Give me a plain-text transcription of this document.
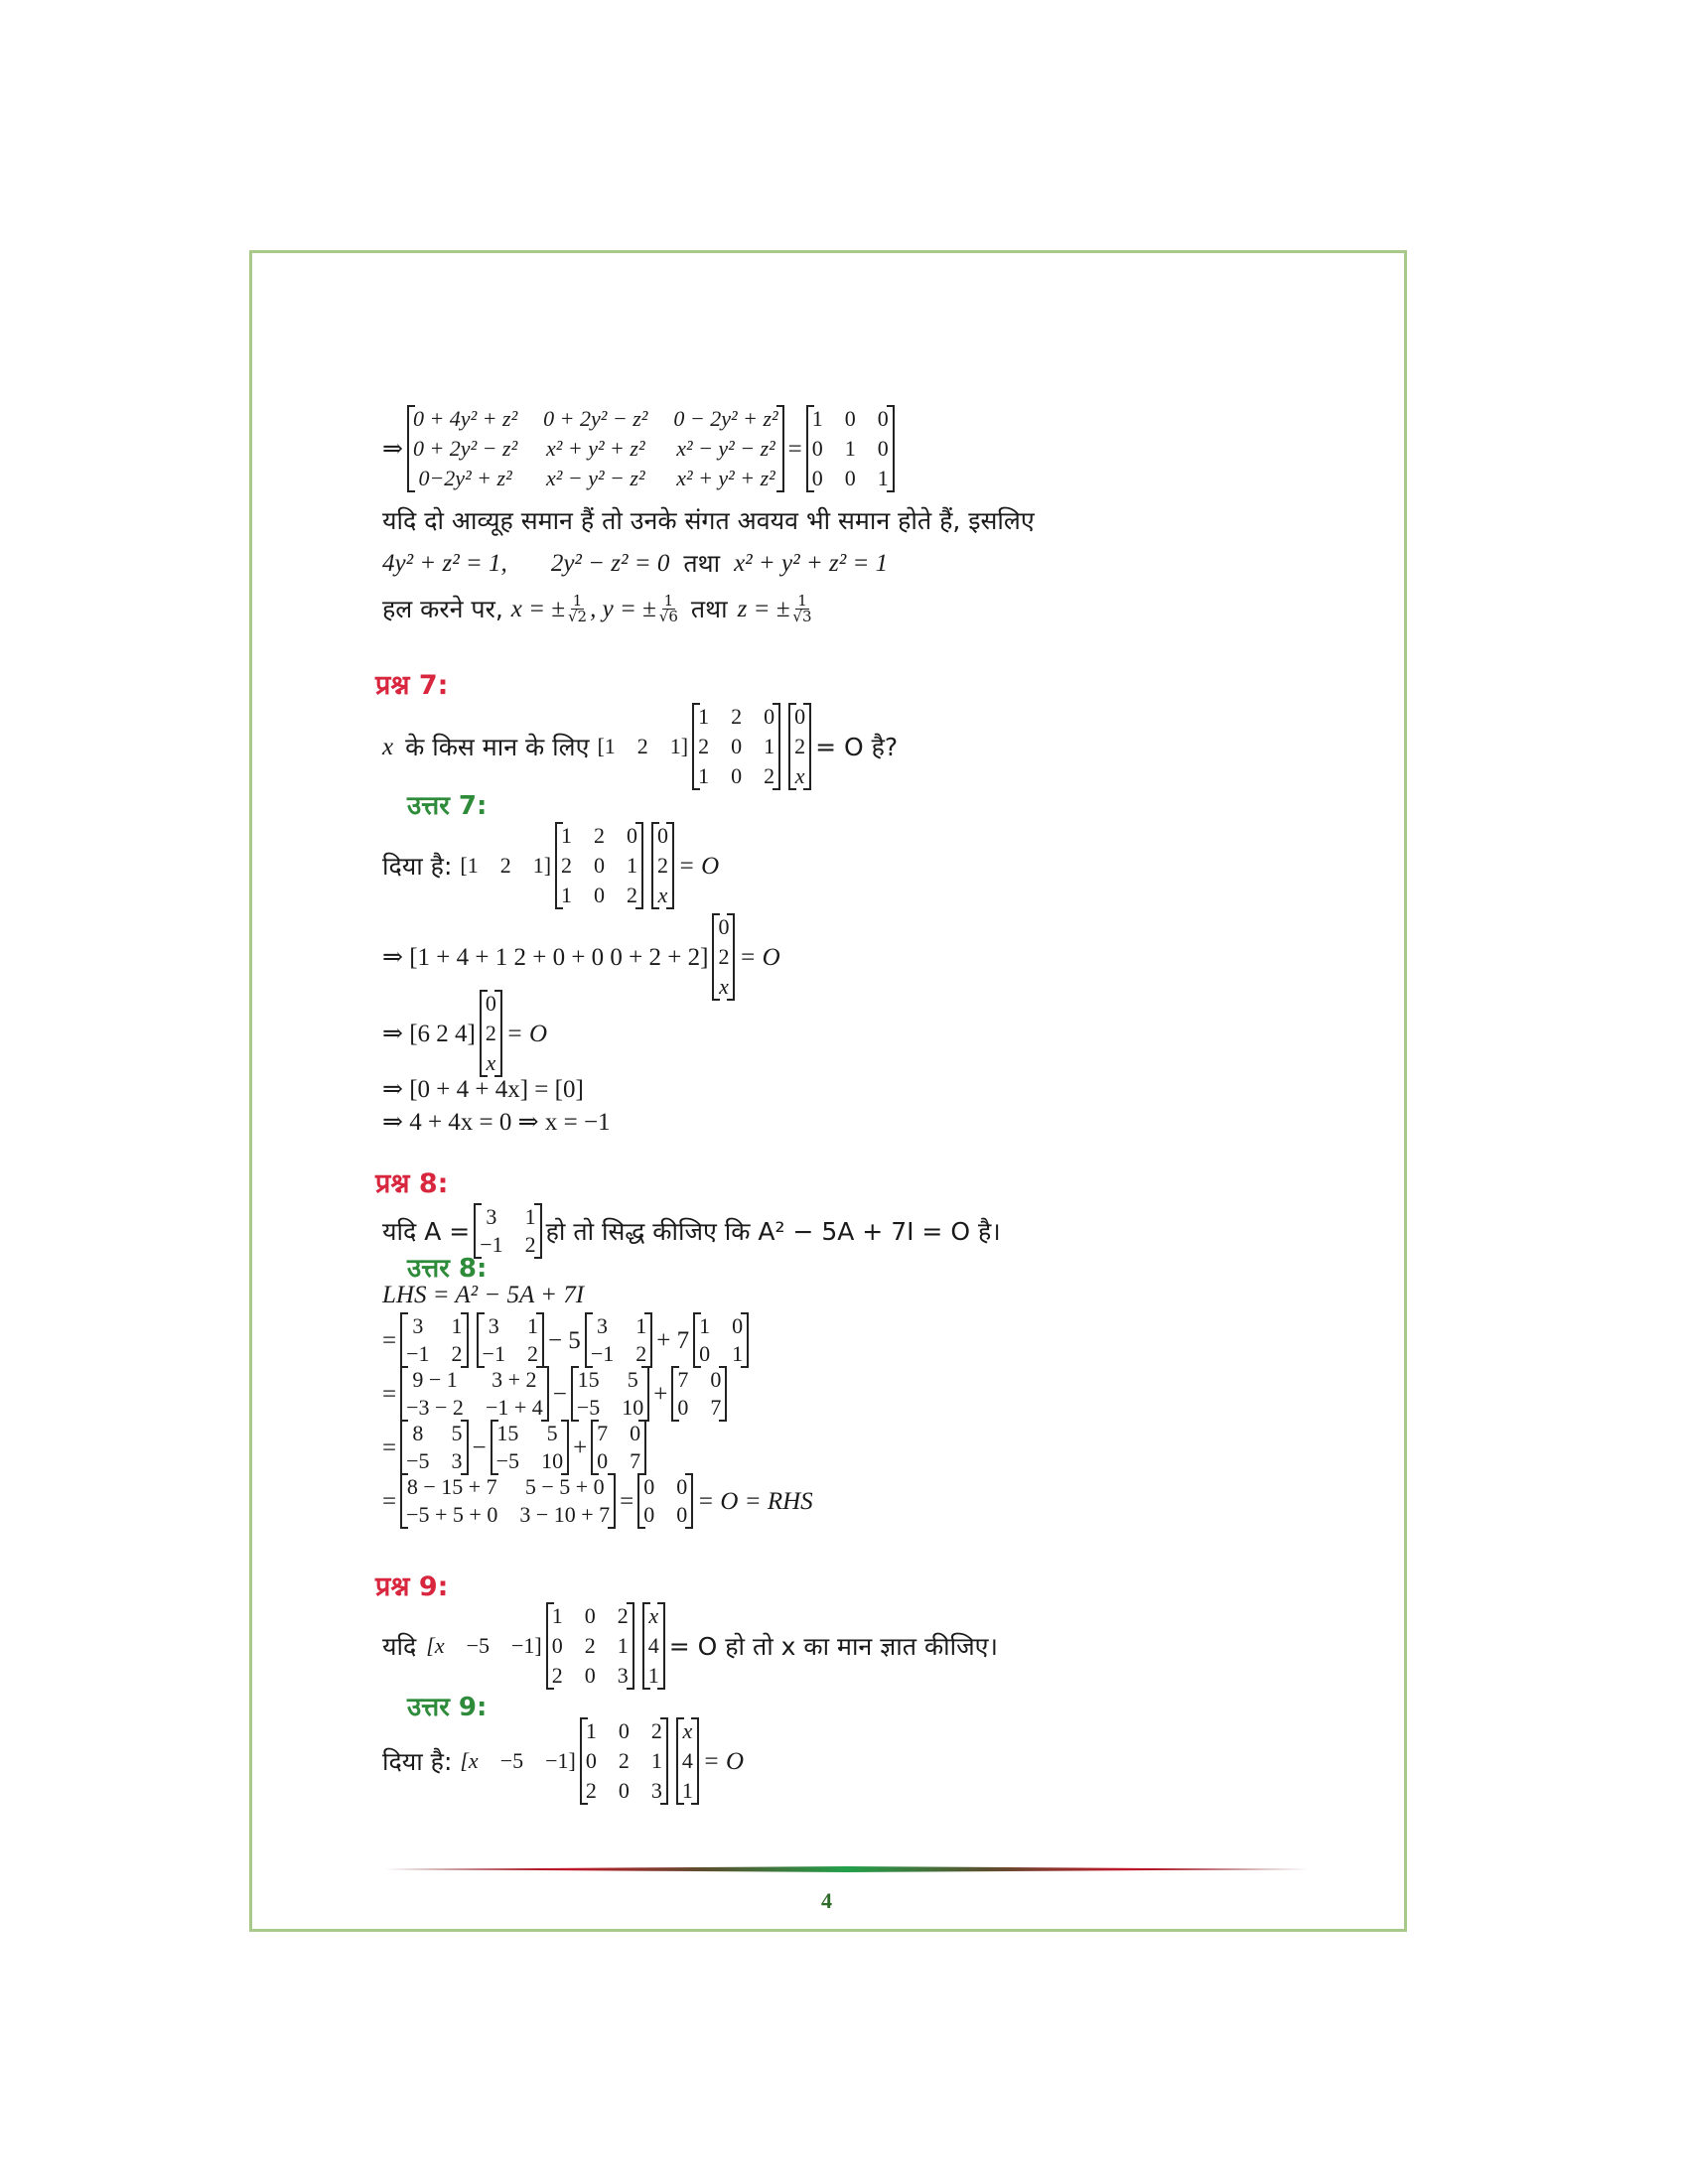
⇒
0 + 4y² + z² 0 + 2y² − z² 0 − 2y² + z²
0 + 2y² − z² x² + y² + z² x² − y² − z²
0−2y² + z² x² − y² − z² x² + y² + z²
=
1 0 0
0 1 0
0 0 1
यदि दो आव्यूह समान हैं तो उनके संगत अवयव भी समान होते हैं, इसलिए
4y² + z² = 1, 2y² − z² = 0 तथा x² + y² + z² = 1
हल करने पर, x = ± $\frac{1}{√2}$ , y = ± $\frac{1}{√6}$ तथा z = ± $\frac{1}{√3}$
प्रश्न 7:
x के किस मान के लिए [1 2 1]
1 2 0
2 0 1
1 0 2
0
2
x
= O है?
उत्तर 7:
दिया है: [1 2 1]
1 2 0
2 0 1
1 0 2
0
2
x
= O
⇒ [1 + 4 + 1 2 + 0 + 0 0 + 2 + 2]
0
2
x
= O
⇒ [6 2 4]
0
2
x
= O
⇒ [0 + 4 + 4x] = [0]
⇒ 4 + 4x = 0 ⇒ x = −1
प्रश्न 8:
यदि A = 3 1
−1 2 हो तो सिद्ध कीजिए कि A² − 5A + 7I = O है।
उत्तर 8:
LHS = A² − 5A + 7I
=
3 1
−1 2
3 1
−1 2 − 5
3 1
−1 2 + 7
1 0
0 1
=
9 − 1 3 + 2
−3 − 2 −1 + 4 −
15 5
−5 10 +
7 0
0 7
=
8 5
−5 3 −
15 5
−5 10 +
7 0
0 7
=
8 − 15 + 7 5 − 5 + 0
−5 + 5 + 0 3 − 10 + 7 =
0 0
0 0 = O = RHS
प्रश्न 9:
यदि [x −5 −1]
1 0 2
0 2 1
2 0 3
x
4
1
= O हो तो x का मान ज्ञात कीजिए।
उत्तर 9:
दिया है: [x −5 −1]
1 0 2
0 2 1
2 0 3
x
4
1
= O
4
